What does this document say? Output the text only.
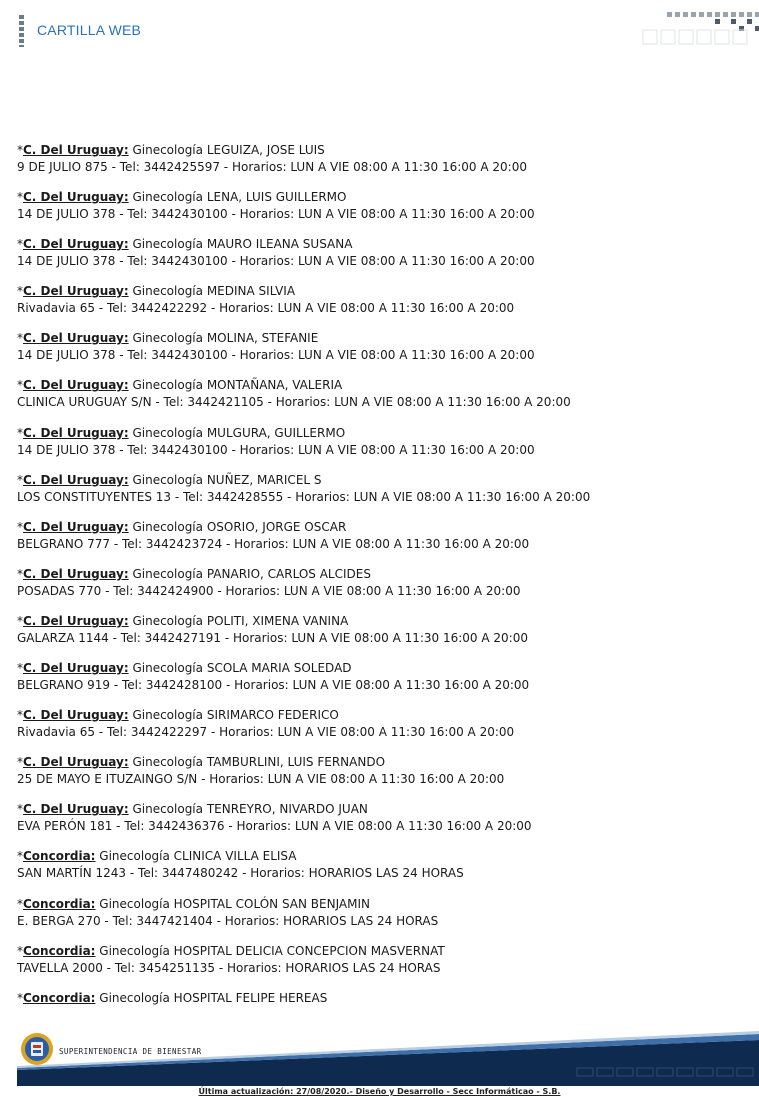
CARTILLA WEB
*C. Del Uruguay: Ginecología LEGUIZA, JOSE LUIS
9 DE JULIO 875 - Tel: 3442425597 - Horarios: LUN A VIE 08:00 A 11:30 16:00 A 20:00
*C. Del Uruguay: Ginecología LENA, LUIS GUILLERMO
14 DE JULIO 378 - Tel: 3442430100 - Horarios: LUN A VIE 08:00 A 11:30 16:00 A 20:00
*C. Del Uruguay: Ginecología MAURO ILEANA SUSANA
14 DE JULIO 378 - Tel: 3442430100 - Horarios: LUN A VIE 08:00 A 11:30 16:00 A 20:00
*C. Del Uruguay: Ginecología MEDINA SILVIA
Rivadavia 65 - Tel: 3442422292 - Horarios: LUN A VIE 08:00 A 11:30 16:00 A 20:00
*C. Del Uruguay: Ginecología MOLINA, STEFANIE
14 DE JULIO 378 - Tel: 3442430100 - Horarios: LUN A VIE 08:00 A 11:30 16:00 A 20:00
*C. Del Uruguay: Ginecología MONTAÑANA, VALERIA
CLINICA URUGUAY S/N - Tel: 3442421105 - Horarios: LUN A VIE 08:00 A 11:30 16:00 A 20:00
*C. Del Uruguay: Ginecología MULGURA, GUILLERMO
14 DE JULIO 378 - Tel: 3442430100 - Horarios: LUN A VIE 08:00 A 11:30 16:00 A 20:00
*C. Del Uruguay: Ginecología NUÑEZ, MARICEL S
LOS CONSTITUYENTES 13 - Tel: 3442428555 - Horarios: LUN A VIE 08:00 A 11:30 16:00 A 20:00
*C. Del Uruguay: Ginecología OSORIO, JORGE OSCAR
BELGRANO 777 - Tel: 3442423724 - Horarios: LUN A VIE 08:00 A 11:30 16:00 A 20:00
*C. Del Uruguay: Ginecología PANARIO, CARLOS ALCIDES
POSADAS 770 - Tel: 3442424900 - Horarios: LUN A VIE 08:00 A 11:30 16:00 A 20:00
*C. Del Uruguay: Ginecología POLITI, XIMENA VANINA
GALARZA 1144 - Tel: 3442427191 - Horarios: LUN A VIE 08:00 A 11:30 16:00 A 20:00
*C. Del Uruguay: Ginecología SCOLA MARIA SOLEDAD
BELGRANO 919 - Tel: 3442428100 - Horarios: LUN A VIE 08:00 A 11:30 16:00 A 20:00
*C. Del Uruguay: Ginecología SIRIMARCO FEDERICO
Rivadavia 65 - Tel: 3442422297 - Horarios: LUN A VIE 08:00 A 11:30 16:00 A 20:00
*C. Del Uruguay: Ginecología TAMBURLINI, LUIS FERNANDO
25 DE MAYO E ITUZAINGO S/N - Horarios: LUN A VIE 08:00 A 11:30 16:00 A 20:00
*C. Del Uruguay: Ginecología TENREYRO, NIVARDO JUAN
EVA PERÓN 181 - Tel: 3442436376 - Horarios: LUN A VIE 08:00 A 11:30 16:00 A 20:00
*Concordia: Ginecología CLINICA VILLA ELISA
SAN MARTÍN 1243 - Tel: 3447480242 - Horarios: HORARIOS LAS 24 HORAS
*Concordia: Ginecología HOSPITAL COLÓN SAN BENJAMIN
E. BERGA 270 - Tel: 3447421404 - Horarios: HORARIOS LAS 24 HORAS
*Concordia: Ginecología HOSPITAL DELICIA CONCEPCION MASVERNAT
TAVELLA 2000 - Tel: 3454251135 - Horarios: HORARIOS LAS 24 HORAS
*Concordia: Ginecología HOSPITAL FELIPE HEREAS
SUPERINTENDENCIA DE BIENESTAR
Última actualización: 27/08/2020.- Diseño y Desarrollo - Secc Informáticao - S.B.
